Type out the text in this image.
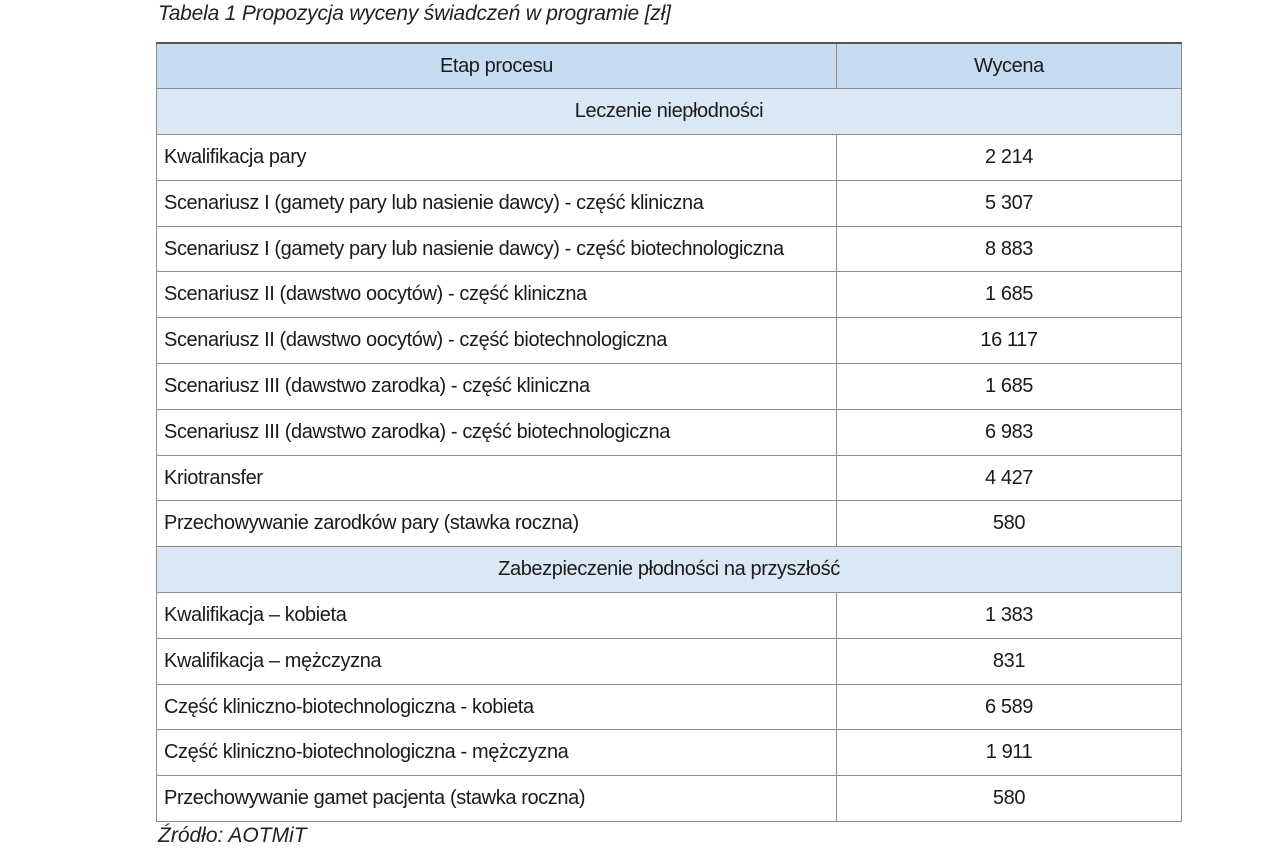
Tabela 1 Propozycja wyceny świadczeń w programie [zł]
Etap procesu	Wycena
Leczenie niepłodności	
Kwalifikacja pary	2 214
Scenariusz I (gamety pary lub nasienie dawcy) - część kliniczna	5 307
Scenariusz I (gamety pary lub nasienie dawcy) - część biotechnologiczna	8 883
Scenariusz II (dawstwo oocytów) - część kliniczna	1 685
Scenariusz II (dawstwo oocytów) - część biotechnologiczna	16 117
Scenariusz III (dawstwo zarodka) - część kliniczna	1 685
Scenariusz III (dawstwo zarodka) - część biotechnologiczna	6 983
Kriotransfer	4 427
Przechowywanie zarodków pary (stawka roczna)	580
Zabezpieczenie płodności na przyszłość	
Kwalifikacja – kobieta	1 383
Kwalifikacja – mężczyzna	831
Część kliniczno-biotechnologiczna - kobieta	6 589
Część kliniczno-biotechnologiczna - mężczyzna	1 911
Przechowywanie gamet pacjenta (stawka roczna)	580
Źródło: AOTMiT
